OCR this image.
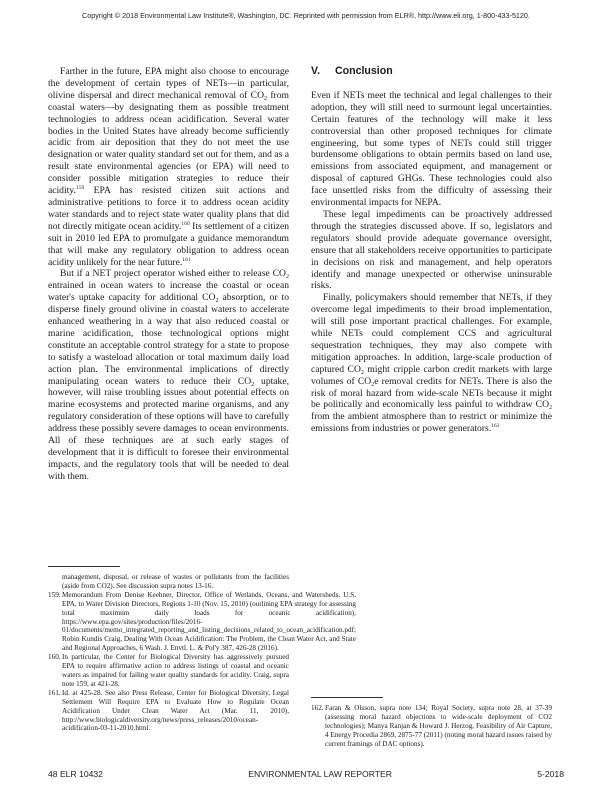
Copyright © 2018 Environmental Law Institute®, Washington, DC. Reprinted with permission from ELR®, http://www.eli.org, 1-800-433-5120.

Farther in the future, EPA might also choose to encourage the development of certain types of NETs—in particular, olivine dispersal and direct mechanical removal of $CO_2$ from coastal waters—by designating them as possible treatment technologies to address ocean acidification. Several water bodies in the United States have already become sufficiently acidic from air deposition that they do not meet the use designation or water quality standard set out for them, and as a result state environmental agencies (or EPA) will need to consider possible mitigation strategies to reduce their acidity.$^{159}$ EPA has resisted citizen suit actions and administrative petitions to force it to address ocean acidity water standards and to reject state water quality plans that did not directly mitigate ocean acidity.$^{160}$ Its settlement of a citizen suit in 2010 led EPA to promulgate a guidance memorandum that will make any regulatory obligation to address ocean acidity unlikely for the near future.$^{161}$

But if a NET project operator wished either to release $CO_2$ entrained in ocean waters to increase the coastal or ocean water's uptake capacity for additional $CO_2$ absorption, or to disperse finely ground olivine in coastal waters to accelerate enhanced weathering in a way that also reduced coastal or marine acidification, those technological options might constitute an acceptable control strategy for a state to propose to satisfy a wasteload allocation or total maximum daily load action plan. The environmental implications of directly manipulating ocean waters to reduce their $CO_2$ uptake, however, will raise troubling issues about potential effects on marine ecosystems and protected marine organisms, and any regulatory consideration of these options will have to carefully address these possibly severe damages to ocean environments. All of these techniques are at such early stages of development that it is difficult to foresee their environmental impacts, and the regulatory tools that will be needed to deal with them.

V. Conclusion

Even if NETs meet the technical and legal challenges to their adoption, they will still need to surmount legal uncertainties. Certain features of the technology will make it less controversial than other proposed techniques for climate engineering, but some types of NETs could still trigger burdensome obligations to obtain permits based on land use, emissions from associated equipment, and management or disposal of captured GHGs. These technologies could also face unsettled risks from the difficulty of assessing their environmental impacts for NEPA.

These legal impediments can be proactively addressed through the strategies discussed above. If so, legislators and regulators should provide adequate governance oversight, ensure that all stakeholders receive opportunities to participate in decisions on risk and management, and help operators identify and manage unexpected or otherwise uninsurable risks.

Finally, policymakers should remember that NETs, if they overcome legal impediments to their broad implementation, will still pose important practical challenges. For example, while NETs could complement CCS and agricultural sequestration techniques, they may also compete with mitigation approaches. In addition, large-scale production of captured $CO_2$ might cripple carbon credit markets with large volumes of $CO_2e$ removal credits for NETs. There is also the risk of moral hazard from wide-scale NETs because it might be politically and economically less painful to withdraw $CO_2$ from the ambient atmosphere than to restrict or minimize the emissions from industries or power generators.$^{162}$

management, disposal, or release of wastes or pollutants from the facilities (aside from CO2). See discussion supra notes 13-16.
159. Memorandum From Denise Keehner, Director, Office of Wetlands, Oceans, and Watersheds, U.S. EPA, to Water Division Directors, Regions 1-10 (Nov. 15, 2010) (outlining EPA strategy for assessing total maximum daily loads for oceanic acidification), https://www.epa.gov/sites/production/files/2016-01/documents/memo_integrated_reporting_and_listing_decisions_related_to_ocean_acidification.pdf; Robin Kundis Craig, Dealing With Ocean Acidification: The Problem, the Clean Water Act, and State and Regional Approaches, 6 Wash. J. Envtl. L. & Pol'y 387, 426-28 (2016).
160. In particular, the Center for Biological Diversity has aggressively pursued EPA to require affirmative action to address listings of coastal and oceanic waters as impaired for failing water quality standards for acidity. Craig, supra note 159, at 421-28.
161. Id. at 425-28. See also Press Release, Center for Biological Diversity, Legal Settlement Will Require EPA to Evaluate How to Regulate Ocean Acidification Under Clean Water Act (Mar. 11, 2010), http://www.biologicaldiversity.org/news/press_releases/2010/ocean-acidification-03-11-2010.html.
162. Faran & Olsson, supra note 134; Royal Society, supra note 28, at 37-39 (assessing moral hazard objections to wide-scale deployment of CO2 technologies); Manya Ranjan & Howard J. Herzog, Feasibility of Air Capture, 4 Energy Procedia 2869, 2875-77 (2011) (noting moral hazard issues raised by current framings of DAC options).
48 ELR 10432	ENVIRONMENTAL LAW REPORTER	5-2018
